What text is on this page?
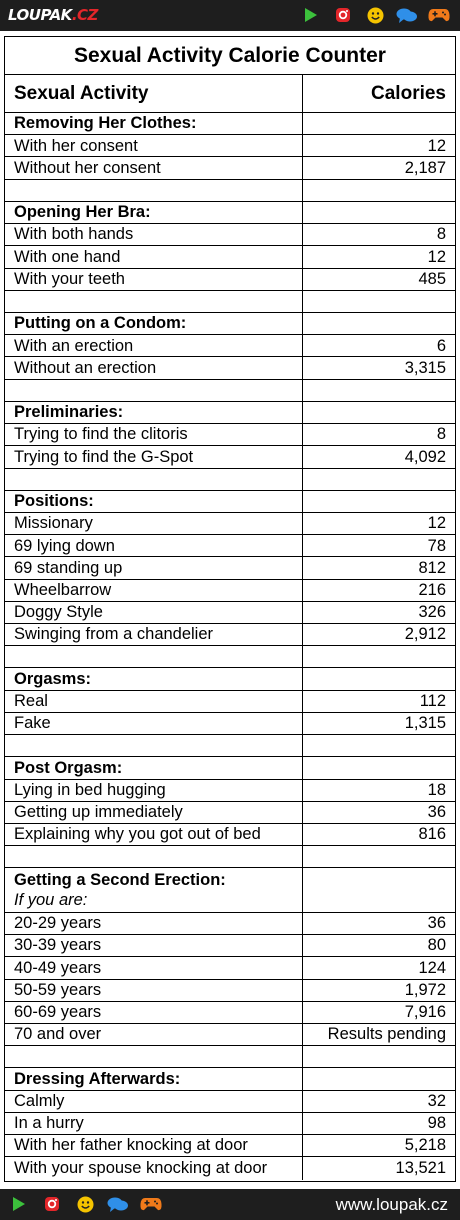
LOUPAK.CZ
Sexual Activity Calorie Counter
Sexual Activity	Calories
Removing Her Clothes:
With her consent	12
Without her consent	2,187
Opening Her Bra:
With both hands	8
With one hand	12
With your teeth	485
Putting on a Condom:
With an erection	6
Without an erection	3,315
Preliminaries:
Trying to find the clitoris	8
Trying to find the G-Spot	4,092
Positions:
Missionary	12
69 lying down	78
69 standing up	812
Wheelbarrow	216
Doggy Style	326
Swinging from a chandelier	2,912
Orgasms:
Real	112
Fake	1,315
Post Orgasm:
Lying in bed hugging	18
Getting up immediately	36
Explaining why you got out of bed	816
Getting a Second Erection:
If you are:
20-29 years	36
30-39 years	80
40-49 years	124
50-59 years	1,972
60-69 years	7,916
70 and over	Results pending
Dressing Afterwards:
Calmly	32
In a hurry	98
With her father knocking at door	5,218
With your spouse knocking at door	13,521
www.loupak.cz
